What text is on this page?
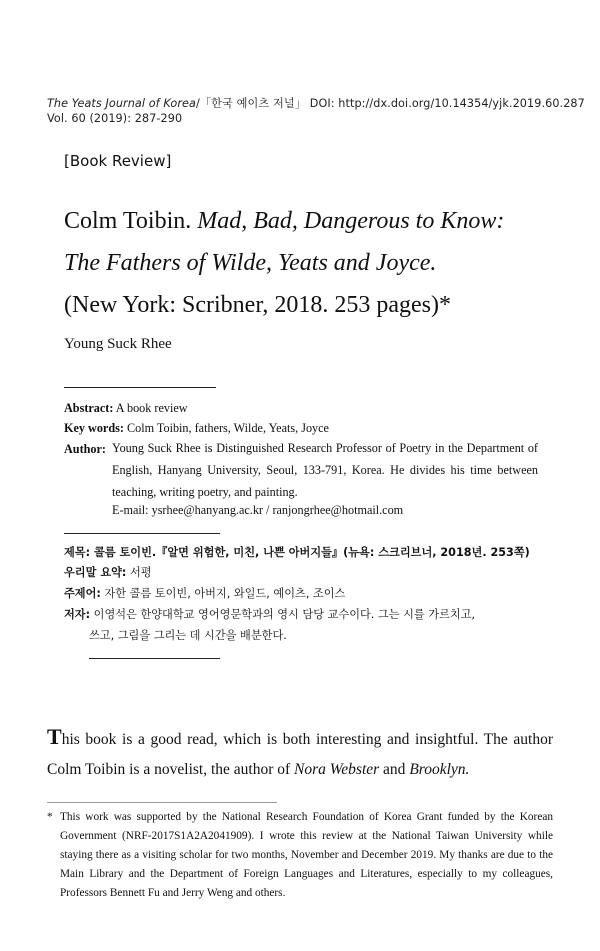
The Yeats Journal of Korea/「한국 예이츠 저널」 DOI: http://dx.doi.org/10.14354/yjk.2019.60.287
Vol. 60 (2019): 287-290
[Book Review]
Colm Toibin. Mad, Bad, Dangerous to Know:
The Fathers of Wilde, Yeats and Joyce.
(New York: Scribner, 2018. 253 pages)*
Young Suck Rhee
Abstract: A book review
Key words: Colm Toibin, fathers, Wilde, Yeats, Joyce
Author: Young Suck Rhee is Distinguished Research Professor of Poetry in the Department of English, Hanyang University, Seoul, 133-791, Korea. He divides his time between teaching, writing poetry, and painting.
E-mail: ysrhee@hanyang.ac.kr / ranjongrhee@hotmail.com
제목: 콜름 토이빈.『알면 위험한, 미친, 나쁜 아버지들』(뉴욕: 스크리브너, 2018년. 253쪽)
우리말 요약: 서평
주제어: 자한 콜름 토이빈, 아버지, 와일드, 예이츠, 조이스
저자: 이영석은 한양대학교 영어영문학과의 영시 담당 교수이다. 그는 시를 가르치고,
쓰고, 그림을 그리는 데 시간을 배분한다.
This book is a good read, which is both interesting and insightful. The author Colm Toibin is a novelist, the author of Nora Webster and Brooklyn.
* This work was supported by the National Research Foundation of Korea Grant funded by the Korean Government (NRF-2017S1A2A2041909). I wrote this review at the National Taiwan University while staying there as a visiting scholar for two months, November and December 2019. My thanks are due to the Main Library and the Department of Foreign Languages and Literatures, especially to my colleagues, Professors Bennett Fu and Jerry Weng and others.
